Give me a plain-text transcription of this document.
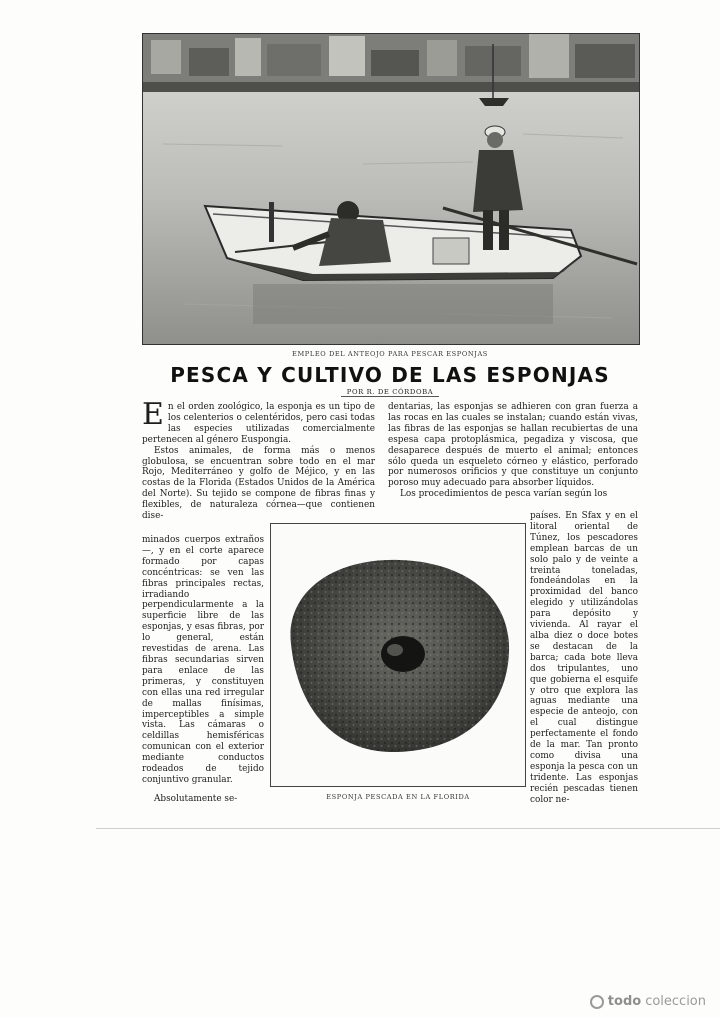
EMPLEO DEL ANTEOJO PARA PESCAR ESPONJAS
PESCA Y CULTIVO DE LAS ESPONJAS
POR R. DE CÓRDOBA

En el orden zoológico, la esponja es un tipo de los celenterios o celentéridos, pero casi todas las especies utilizadas comercialmente pertenecen al género Euspongia.

Estos animales, de forma más o menos globulosa, se encuentran sobre todo en el mar Rojo, Mediterráneo y golfo de Méjico, y en las costas de la Florida (Estados Unidos de la América del Norte). Su tejido se compone de fibras finas y flexibles, de naturaleza córnea—que contienen dise-

minados cuerpos extraños—, y en el corte aparece formado por capas concéntricas: se ven las fibras principales rectas, irradiando perpendicularmente a la superficie libre de las esponjas, y esas fibras, por lo general, están revestidas de arena. Las fibras secundarias sirven para enlace de las primeras, y constituyen con ellas una red irregular de mallas finísimas, imperceptibles a simple vista. Las cámaras o celdillas hemisféricas comunican con el exterior mediante conductos rodeados de tejido conjuntivo granular.

Absolutamente se-

dentarias, las esponjas se adhieren con gran fuerza a las rocas en las cuales se instalan; cuando están vivas, las fibras de las esponjas se hallan recubiertas de una espesa capa protoplásmica, pegadiza y viscosa, que desaparece después de muerto el animal; entonces sólo queda un esqueleto córneo y elástico, perforado por numerosos orificios y que constituye un conjunto poroso muy adecuado para absorber líquidos.

Los procedimientos de pesca varían según los

ESPONJA PESCADA EN LA FLORIDA

países. En Sfax y en el litoral oriental de Túnez, los pescadores emplean barcas de un solo palo y de veinte a treinta toneladas, fondeándolas en la proximidad del banco elegido y utilizándolas para depósito y vivienda. Al rayar el alba diez o doce botes se destacan de la barca; cada bote lleva dos tripulantes, uno que gobierna el esquife y otro que explora las aguas mediante una especie de anteojo, con el cual distingue perfectamente el fondo de la mar. Tan pronto como divisa una esponja la pesca con un tridente. Las esponjas recién pescadas tienen color ne-

todo coleccion
